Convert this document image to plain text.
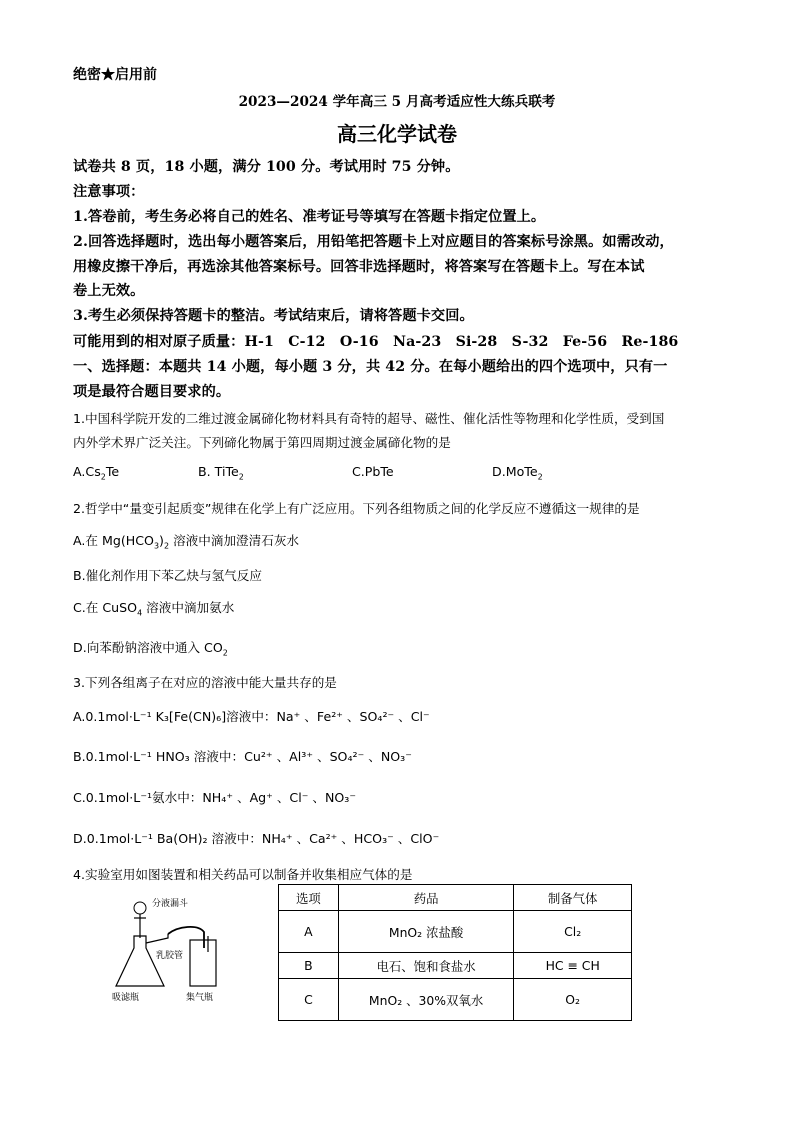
绝密★启用前
2023—2024 学年高三 5 月高考适应性大练兵联考
高三化学试卷
试卷共 8 页，18 小题，满分 100 分。考试用时 75 分钟。
注意事项：
1.答卷前，考生务必将自己的姓名、准考证号等填写在答题卡指定位置上。
2.回答选择题时，选出每小题答案后，用铅笔把答题卡上对应题目的答案标号涂黑。如需改动，
用橡皮擦干净后，再选涂其他答案标号。回答非选择题时，将答案写在答题卡上。写在本试
卷上无效。
3.考生必须保持答题卡的整洁。考试结束后，请将答题卡交回。
可能用到的相对原子质量：H-1　C-12　O-16　Na-23　Si-28　S-32　Fe-56　Re-186
一、选择题：本题共 14 小题，每小题 3 分，共 42 分。在每小题给出的四个选项中，只有一
项是最符合题目要求的。
1.中国科学院开发的二维过渡金属碲化物材料具有奇特的超导、磁性、催化活性等物理和化学性质，受到国
内外学术界广泛关注。下列碲化物属于第四周期过渡金属碲化物的是
$A.Cs_2Te$	B. TiTe$_2$	C.PbTe	D.MoTe$_2$
2.哲学中“量变引起质变”规律在化学上有广泛应用。下列各组物质之间的化学反应不遵循这一规律的是
A.在 $Mg(HCO_3)_2$ 溶液中滴加澄清石灰水
B.催化剂作用下苯乙炔与氢气反应
C.在 CuSO$_4$ 溶液中滴加氨水
D.向苯酚钠溶液中通入 $CO_2$
3.下列各组离子在对应的溶液中能大量共存的是
A.0.1mol·L⁻¹ K₃[Fe(CN)₆]溶液中：Na⁺ 、Fe²⁺ 、SO₄²⁻ 、Cl⁻
B.0.1mol·L⁻¹ HNO₃ 溶液中：Cu²⁺ 、Al³⁺ 、SO₄²⁻ 、NO₃⁻
C.0.1mol·L⁻¹氨水中：NH₄⁺ 、Ag⁺ 、Cl⁻ 、NO₃⁻
D.0.1mol·L⁻¹ Ba(OH)₂ 溶液中：NH₄⁺ 、Ca²⁺ 、HCO₃⁻ 、ClO⁻
4.实验室用如图装置和相关药品可以制备并收集相应气体的是
分液漏斗
乳胶管
吸滤瓶	集气瓶
选项	药品	制备气体
A	MnO₂ 浓盐酸	Cl₂
B	电石、饱和食盐水	HC ≡ CH
C	MnO₂ 、30%双氧水	O₂
